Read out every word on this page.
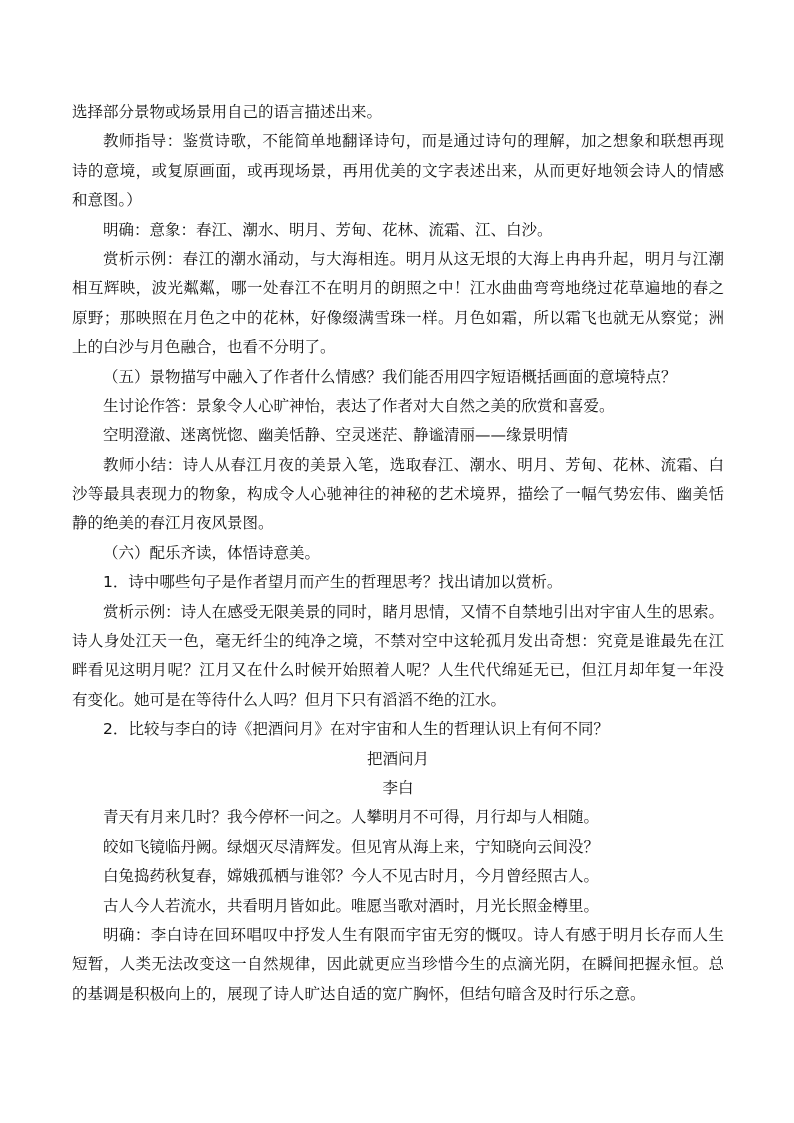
选择部分景物或场景用自己的语言描述出来。
教师指导：鉴赏诗歌，不能简单地翻译诗句，而是通过诗句的理解，加之想象和联想再现
诗的意境，或复原画面，或再现场景，再用优美的文字表述出来，从而更好地领会诗人的情感
和意图。）
明确：意象：春江、潮水、明月、芳甸、花林、流霜、江、白沙。
赏析示例：春江的潮水涌动，与大海相连。明月从这无垠的大海上冉冉升起，明月与江潮
相互辉映，波光粼粼，哪一处春江不在明月的朗照之中！江水曲曲弯弯地绕过花草遍地的春之
原野；那映照在月色之中的花林，好像缀满雪珠一样。月色如霜，所以霜飞也就无从察觉；洲
上的白沙与月色融合，也看不分明了。
（五）景物描写中融入了作者什么情感？我们能否用四字短语概括画面的意境特点？
生讨论作答：景象令人心旷神怡，表达了作者对大自然之美的欣赏和喜爱。
空明澄澈、迷离恍惚、幽美恬静、空灵迷茫、静谧清丽——缘景明情
教师小结：诗人从春江月夜的美景入笔，选取春江、潮水、明月、芳甸、花林、流霜、白
沙等最具表现力的物象，构成令人心驰神往的神秘的艺术境界，描绘了一幅气势宏伟、幽美恬
静的绝美的春江月夜风景图。
（六）配乐齐读，体悟诗意美。
1．诗中哪些句子是作者望月而产生的哲理思考？找出请加以赏析。
赏析示例：诗人在感受无限美景的同时，睹月思情，又情不自禁地引出对宇宙人生的思索。
诗人身处江天一色，毫无纤尘的纯净之境，不禁对空中这轮孤月发出奇想：究竟是谁最先在江
畔看见这明月呢？江月又在什么时候开始照着人呢？人生代代绵延无已，但江月却年复一年没
有变化。她可是在等待什么人吗？但月下只有滔滔不绝的江水。
2．比较与李白的诗《把酒问月》在对宇宙和人生的哲理认识上有何不同？
把酒问月
李白
青天有月来几时？我今停杯一问之。人攀明月不可得，月行却与人相随。
皎如飞镜临丹阙。绿烟灭尽清辉发。但见宵从海上来，宁知晓向云间没？
白兔捣药秋复春，嫦娥孤栖与谁邻？今人不见古时月，今月曾经照古人。
古人今人若流水，共看明月皆如此。唯愿当歌对酒时，月光长照金樽里。
明确：李白诗在回环唱叹中抒发人生有限而宇宙无穷的慨叹。诗人有感于明月长存而人生
短暂，人类无法改变这一自然规律，因此就更应当珍惜今生的点滴光阴，在瞬间把握永恒。总
的基调是积极向上的，展现了诗人旷达自适的宽广胸怀，但结句暗含及时行乐之意。
